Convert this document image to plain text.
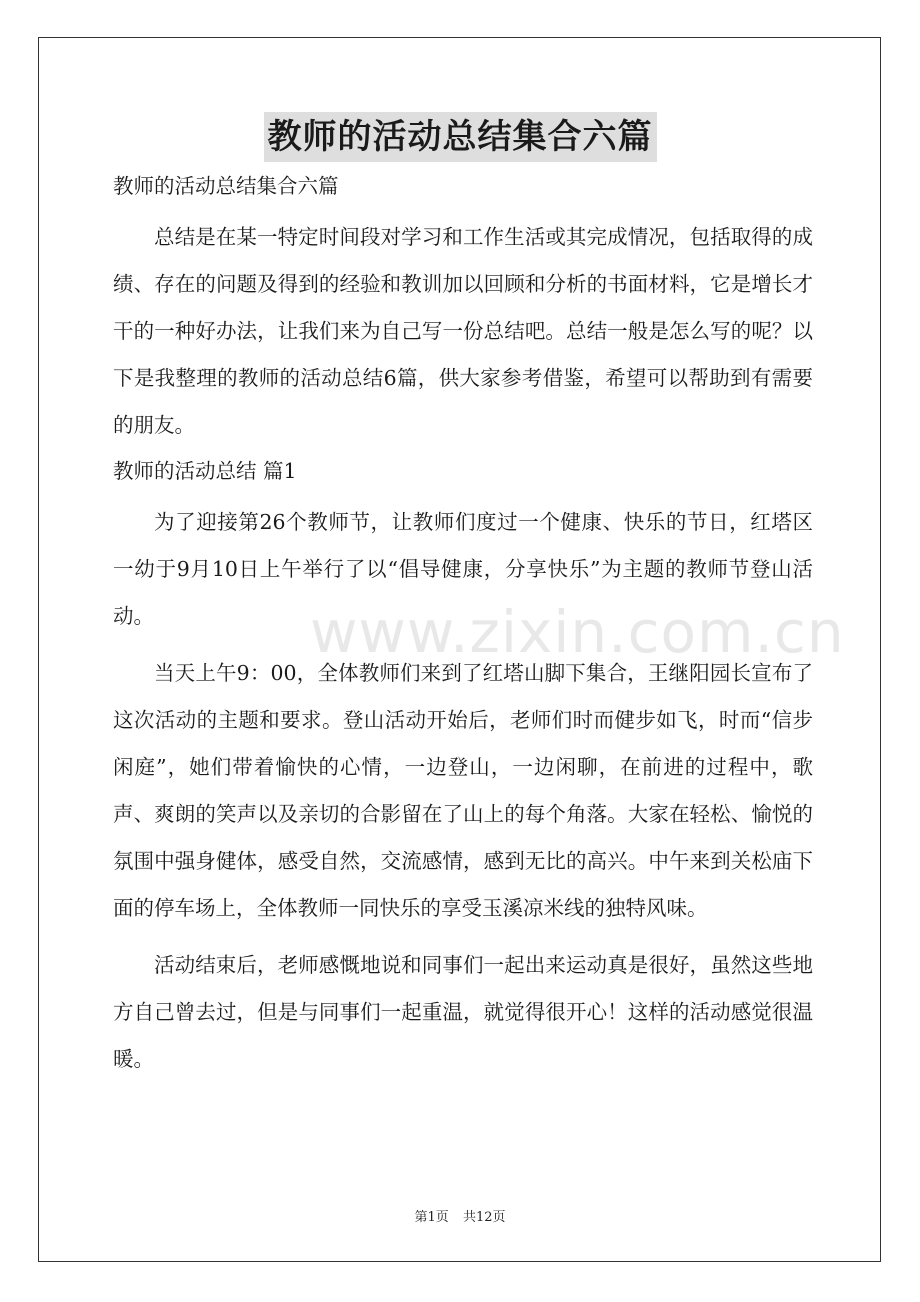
教师的活动总结集合六篇

教师的活动总结集合六篇

总结是在某一特定时间段对学习和工作生活或其完成情况，包括取得的成绩、存在的问题及得到的经验和教训加以回顾和分析的书面材料，它是增长才干的一种好办法，让我们来为自己写一份总结吧。总结一般是怎么写的呢？以下是我整理的教师的活动总结6篇，供大家参考借鉴，希望可以帮助到有需要的朋友。

教师的活动总结 篇1

为了迎接第26个教师节，让教师们度过一个健康、快乐的节日，红塔区一幼于9月10日上午举行了以“倡导健康，分享快乐”为主题的教师节登山活动。

当天上午9：00，全体教师们来到了红塔山脚下集合，王继阳园长宣布了这次活动的主题和要求。登山活动开始后，老师们时而健步如飞，时而“信步闲庭”，她们带着愉快的心情，一边登山，一边闲聊，在前进的过程中，歌声、爽朗的笑声以及亲切的合影留在了山上的每个角落。大家在轻松、愉悦的氛围中强身健体，感受自然，交流感情，感到无比的高兴。中午来到关松庙下面的停车场上，全体教师一同快乐的享受玉溪凉米线的独特风味。

活动结束后，老师感慨地说和同事们一起出来运动真是很好，虽然这些地方自己曾去过，但是与同事们一起重温，就觉得很开心！这样的活动感觉很温暖。

www.zixin.com.cn
第1页 共12页
